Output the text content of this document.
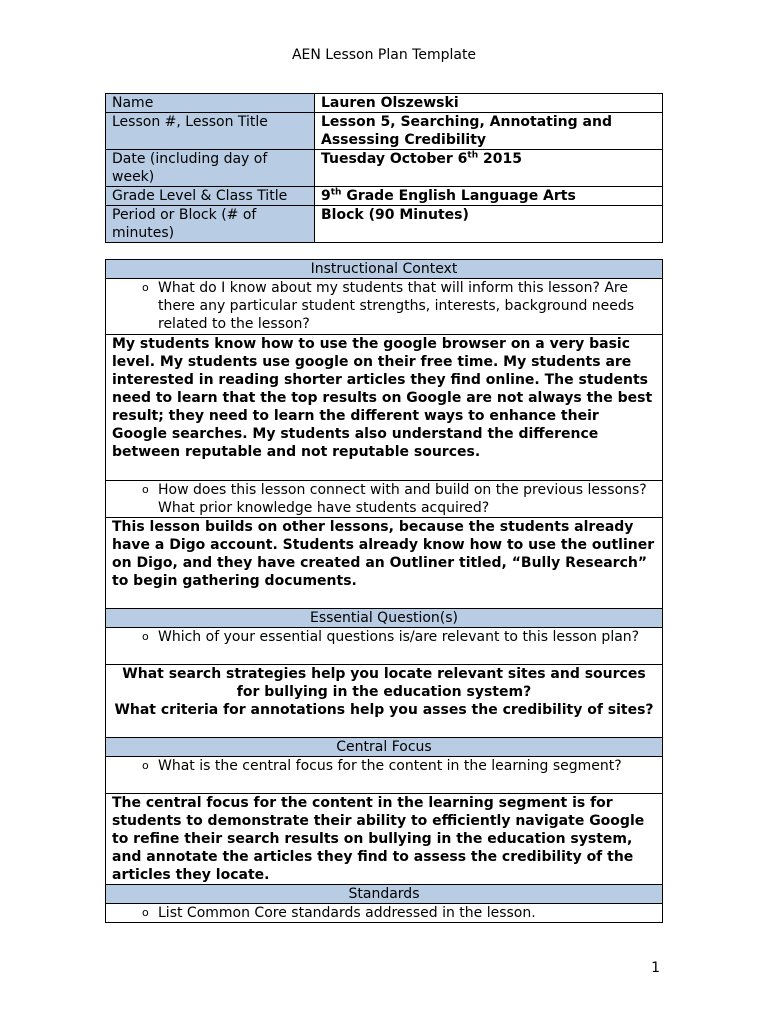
AEN Lesson Plan Template
Name	Lauren Olszewski
Lesson #, Lesson Title	Lesson 5, Searching, Annotating and Assessing Credibility
Date (including day of week)	Tuesday October 6th 2015
Grade Level & Class Title	9th Grade English Language Arts
Period or Block (# of minutes)	Block (90 Minutes)
Instructional Context

o What do I know about my students that will inform this lesson? Are there any particular student strengths, interests, background needs related to the lesson?
My students know how to use the google browser on a very basic level. My students use google on their free time. My students are interested in reading shorter articles they find online. The students need to learn that the top results on Google are not always the best result; they need to learn the different ways to enhance their Google searches. My students also understand the difference between reputable and not reputable sources.

o How does this lesson connect with and build on the previous lessons? What prior knowledge have students acquired?
This lesson builds on other lessons, because the students already have a Digo account. Students already know how to use the outliner on Digo, and they have created an Outliner titled, “Bully Research” to begin gathering documents.
Essential Question(s)

o Which of your essential questions is/are relevant to this lesson plan?

What search strategies help you locate relevant sites and sources for bullying in the education system?
What criteria for annotations help you asses the credibility of sites?

Central Focus

o What is the central focus for the content in the learning segment?
The central focus for the content in the learning segment is for students to demonstrate their ability to efficiently navigate Google to refine their search results on bullying in the education system, and annotate the articles they find to assess the credibility of the articles they locate.
Standards

o List Common Core standards addressed in the lesson.
1
